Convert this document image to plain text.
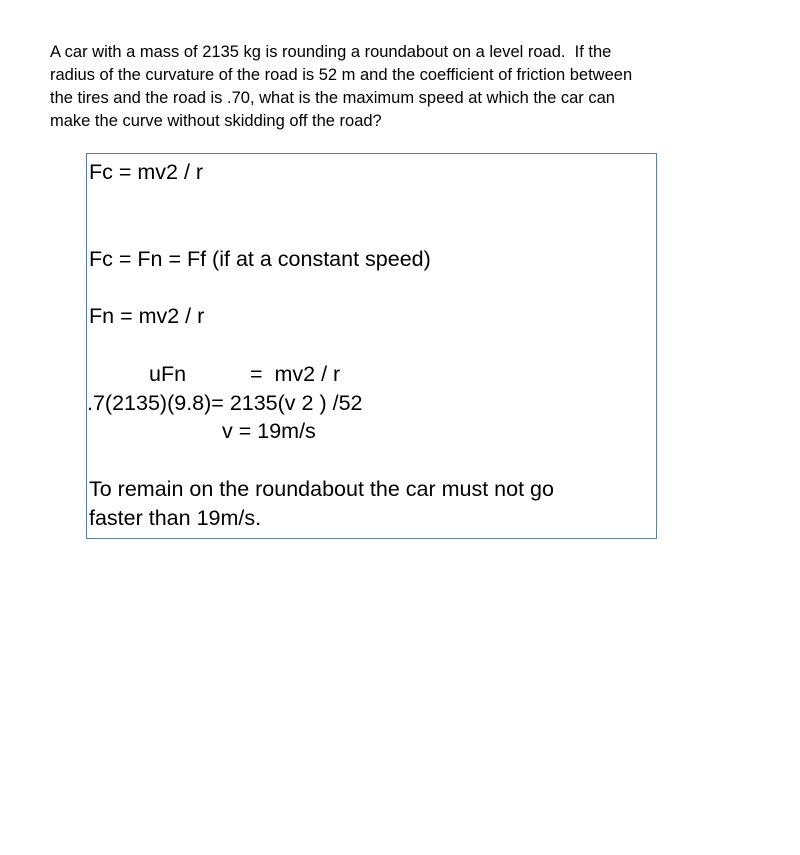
A car with a mass of 2135 kg is rounding a roundabout on a level road.  If the
radius of the curvature of the road is 52 m and the coefficient of friction between
the tires and the road is .70, what is the maximum speed at which the car can
make the curve without skidding off the road?
Fc = mv2 / r
Fc = Fn = Ff (if at a constant speed)
Fn = mv2 / r
uFn	=  mv2 / r
.7(2135)(9.8)= 2135(v 2 ) /52
v = 19m/s
To remain on the roundabout the car must not go
faster than 19m/s.
